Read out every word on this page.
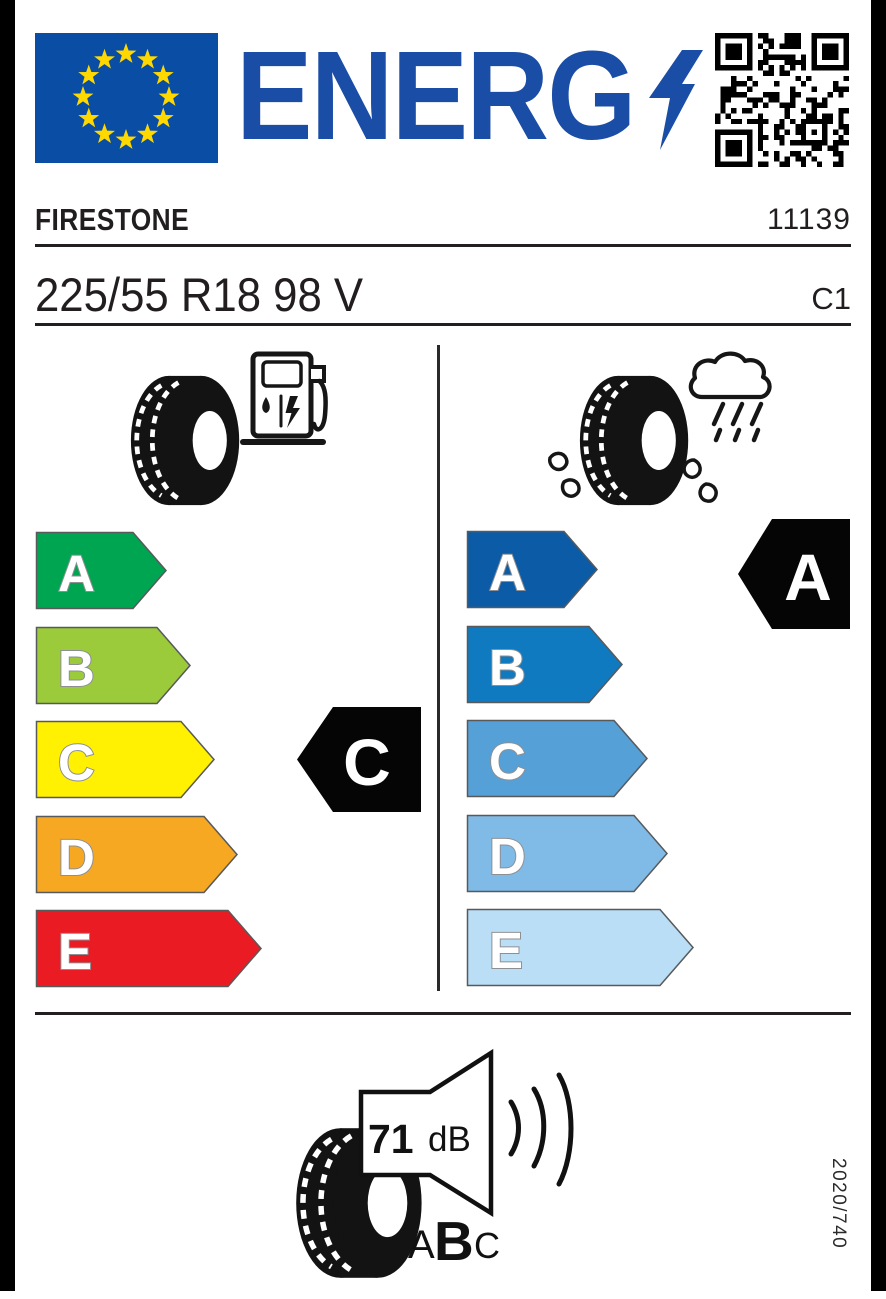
ENERG
FIRESTONE	11139
225/55 R18 98 V	C1
A
B
C
D
E
A
B
C
D
E
C
A
71 dB
A B C	2020/740
